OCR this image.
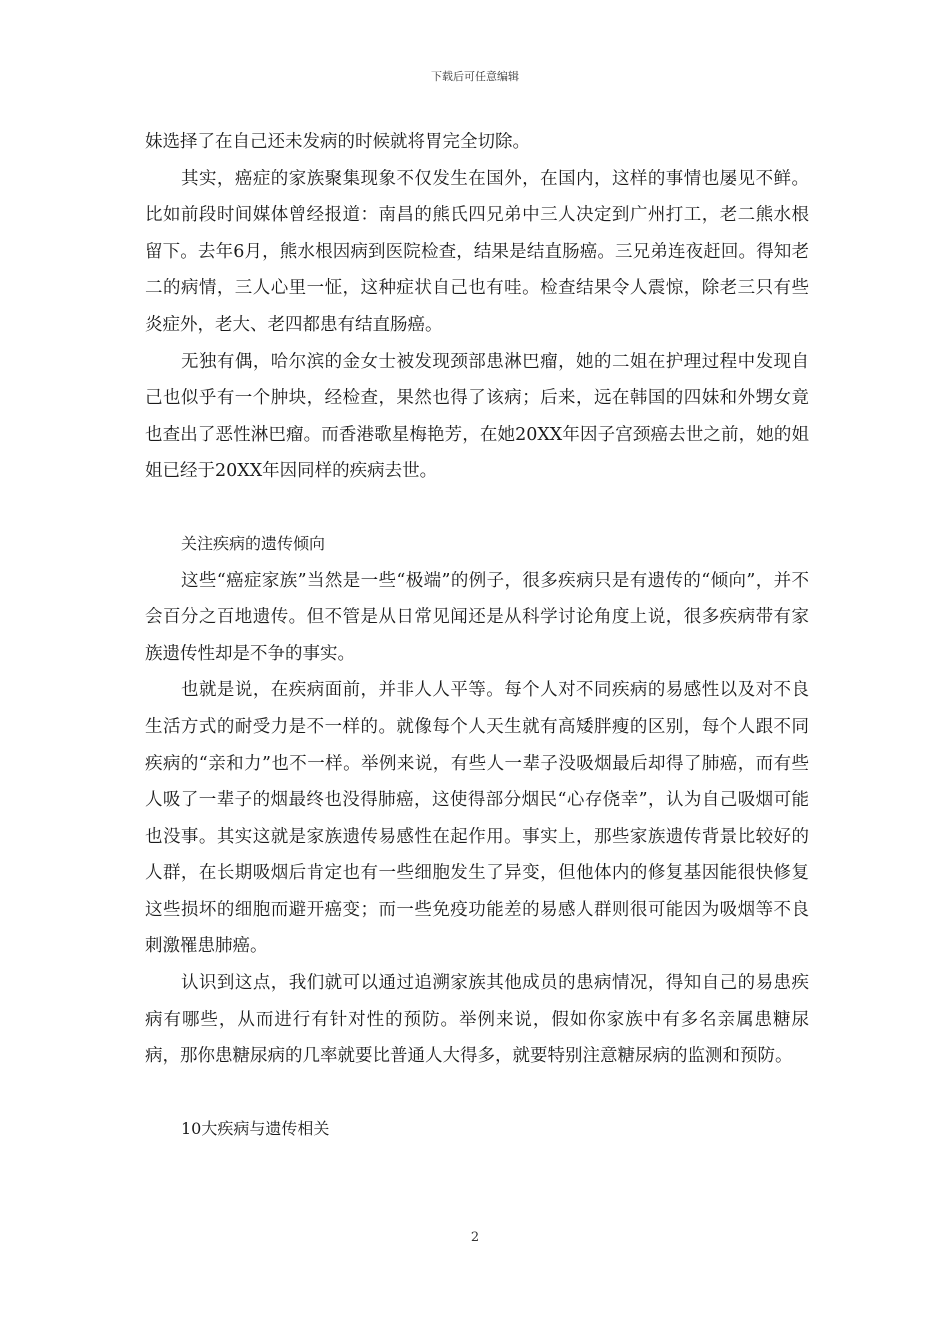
下载后可任意编辑

妹选择了在自己还未发病的时候就将胃完全切除。

其实，癌症的家族聚集现象不仅发生在国外，在国内，这样的事情也屡见不鲜。比如前段时间媒体曾经报道：南昌的熊氏四兄弟中三人决定到广州打工，老二熊水根留下。去年6月，熊水根因病到医院检查，结果是结直肠癌。三兄弟连夜赶回。得知老二的病情，三人心里一怔，这种症状自己也有哇。检查结果令人震惊，除老三只有些炎症外，老大、老四都患有结直肠癌。

无独有偶，哈尔滨的金女士被发现颈部患淋巴瘤，她的二姐在护理过程中发现自己也似乎有一个肿块，经检查，果然也得了该病；后来，远在韩国的四妹和外甥女竟也查出了恶性淋巴瘤。而香港歌星梅艳芳，在她20XX年因子宫颈癌去世之前，她的姐姐已经于20XX年因同样的疾病去世。

关注疾病的遗传倾向

这些“癌症家族”当然是一些“极端”的例子，很多疾病只是有遗传的“倾向”，并不会百分之百地遗传。但不管是从日常见闻还是从科学讨论角度上说，很多疾病带有家族遗传性却是不争的事实。

也就是说，在疾病面前，并非人人平等。每个人对不同疾病的易感性以及对不良生活方式的耐受力是不一样的。就像每个人天生就有高矮胖瘦的区别，每个人跟不同疾病的“亲和力”也不一样。举例来说，有些人一辈子没吸烟最后却得了肺癌，而有些人吸了一辈子的烟最终也没得肺癌，这使得部分烟民“心存侥幸”，认为自己吸烟可能也没事。其实这就是家族遗传易感性在起作用。事实上，那些家族遗传背景比较好的人群，在长期吸烟后肯定也有一些细胞发生了异变，但他体内的修复基因能很快修复这些损坏的细胞而避开癌变；而一些免疫功能差的易感人群则很可能因为吸烟等不良刺激罹患肺癌。

认识到这点，我们就可以通过追溯家族其他成员的患病情况，得知自己的易患疾病有哪些，从而进行有针对性的预防。举例来说，假如你家族中有多名亲属患糖尿病，那你患糖尿病的几率就要比普通人大得多，就要特别注意糖尿病的监测和预防。

10大疾病与遗传相关

2
